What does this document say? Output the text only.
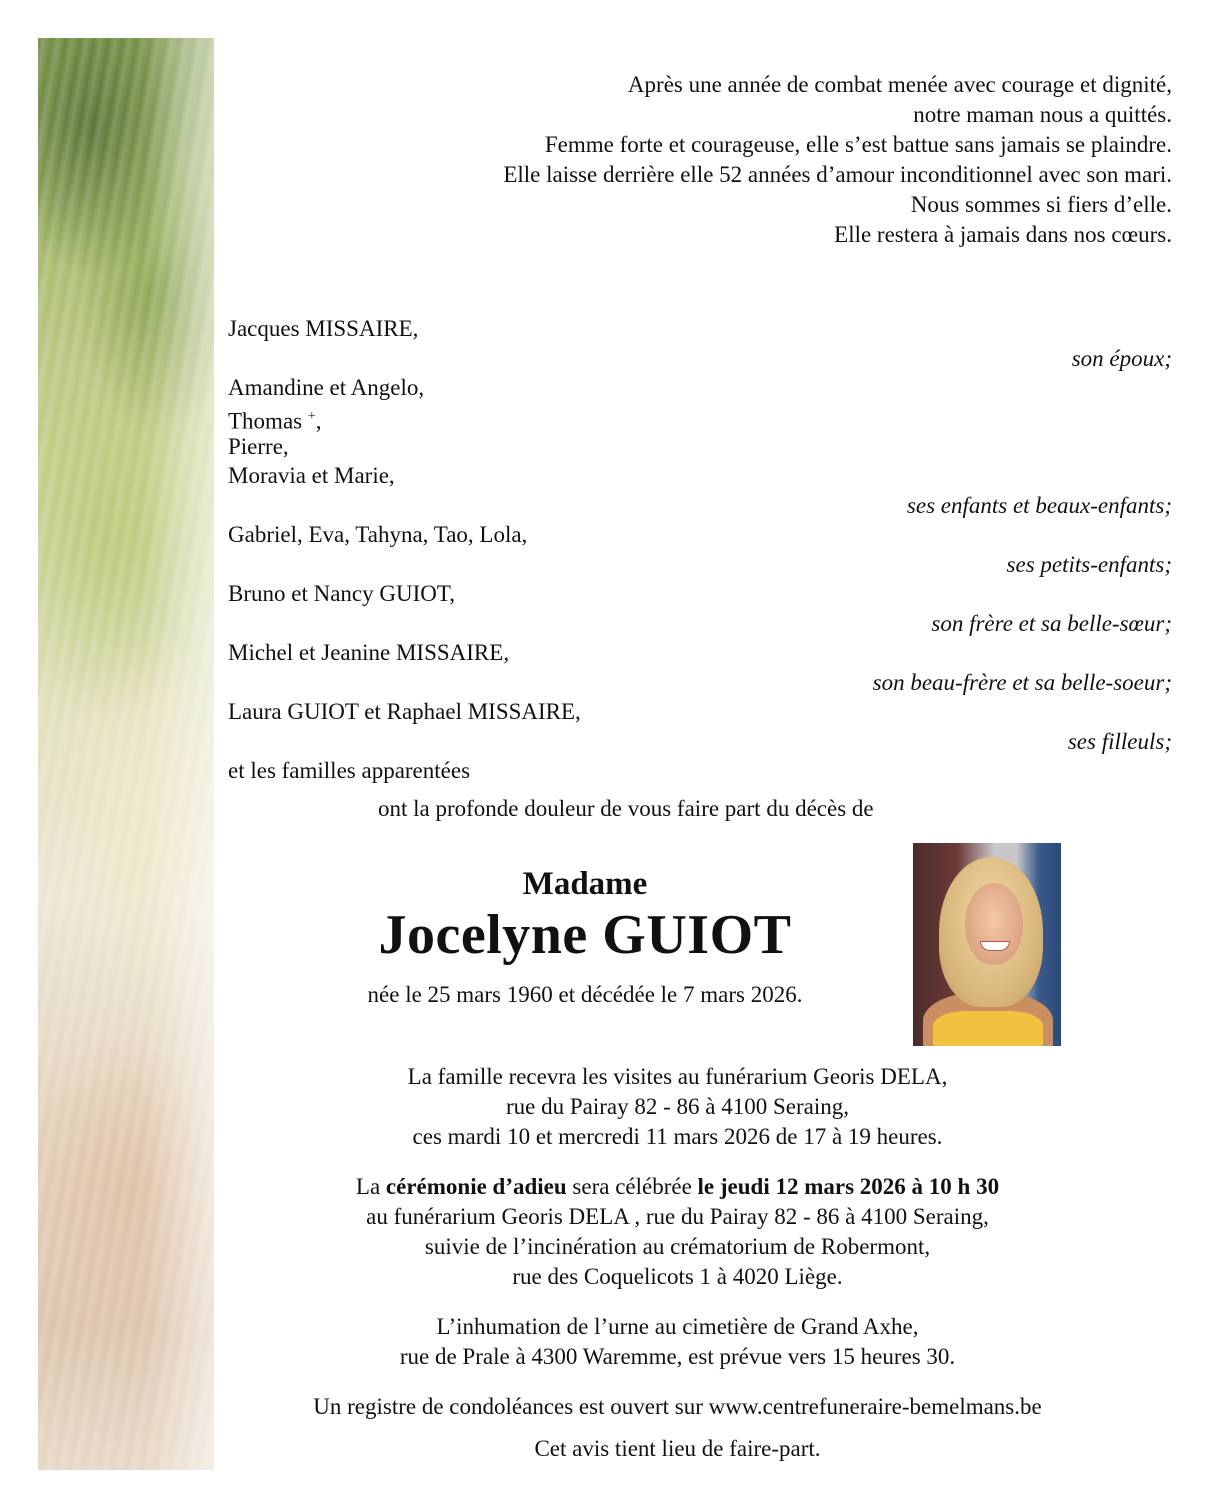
Après une année de combat menée avec courage et dignité,
notre maman nous a quittés.
Femme forte et courageuse, elle s’est battue sans jamais se plaindre.
Elle laisse derrière elle 52 années d’amour inconditionnel avec son mari.
Nous sommes si fiers d’elle.
Elle restera à jamais dans nos cœurs.
Jacques MISSAIRE,
son époux;
Amandine et Angelo,
Thomas +,
Pierre,
Moravia et Marie,
ses enfants et beaux-enfants;
Gabriel, Eva, Tahyna, Tao, Lola,
ses petits-enfants;
Bruno et Nancy GUIOT,
son frère et sa belle-sœur;
Michel et Jeanine MISSAIRE,
son beau-frère et sa belle-soeur;
Laura GUIOT et Raphael MISSAIRE,
ses filleuls;
et les familles apparentées
ont la profonde douleur de vous faire part du décès de
Madame
Jocelyne GUIOT
née le 25 mars 1960 et décédée le 7 mars 2026.
La famille recevra les visites au funérarium Georis DELA,
rue du Pairay 82 - 86 à 4100 Seraing,
ces mardi 10 et mercredi 11 mars 2026 de 17 à 19 heures.
La cérémonie d’adieu sera célébrée le jeudi 12 mars 2026 à 10 h 30
au funérarium Georis DELA , rue du Pairay 82 - 86 à 4100 Seraing,
suivie de l’incinération au crématorium de Robermont,
rue des Coquelicots 1 à 4020 Liège.
L’inhumation de l’urne au cimetière de Grand Axhe,
rue de Prale à 4300 Waremme, est prévue vers 15 heures 30.
Un registre de condoléances est ouvert sur www.centrefuneraire-bemelmans.be
Cet avis tient lieu de faire-part.
